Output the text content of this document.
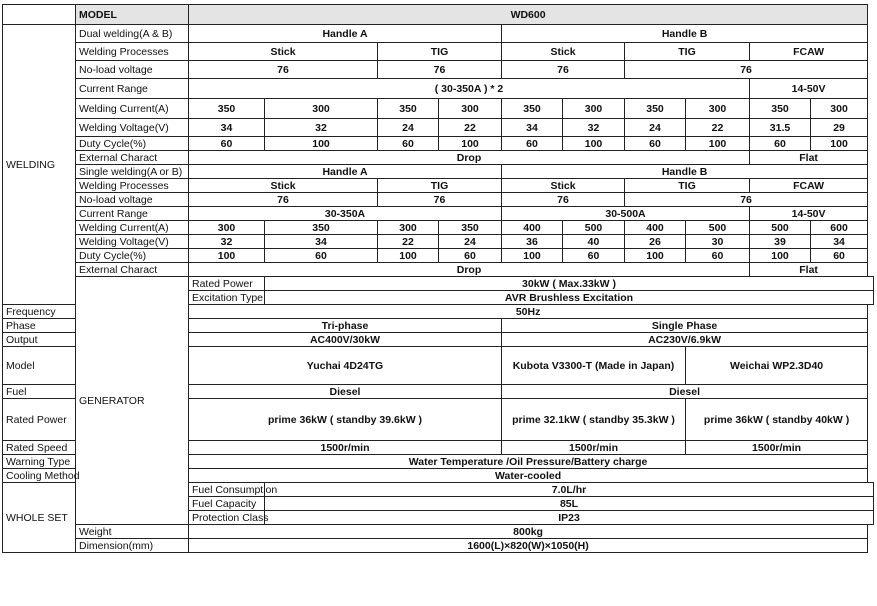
	MODEL	WD600									
WELDING	Dual welding(A & B)	Handle A				Handle B					
	Welding Processes	Stick		TIG		Stick		TIG		FCAW	
	No-load voltage	76		76		76		76			
	Current Range	( 30-350A ) * 2								14-50V	
	Welding Current(A)	350	300	350	300	350	300	350	300	350	300
	Welding Voltage(V)	34	32	24	22	34	32	24	22	31.5	29
	Duty Cycle(%)	60	100	60	100	60	100	60	100	60	100
	External Charact	Drop								Flat	
	Single welding(A or B)	Handle A				Handle B					
	Welding Processes	Stick		TIG		Stick		TIG		FCAW	
	No-load voltage	76		76		76		76			
	Current Range	30-350A				30-500A				14-50V	
	Welding Current(A)	300	350	300	350	400	500	400	500	500	600
	Welding Voltage(V)	32	34	22	24	36	40	26	30	39	34
	Duty Cycle(%)	100	60	100	60	100	60	100	60	100	60
	External Charact	Drop								Flat	
	GENERATOR	Rated Power	30kW ( Max.33kW )								
		Excitation Type	AVR Brushless Excitation								
Frequency		50Hz									
Phase		Tri-phase				Single Phase					
Output		AC400V/30kW				AC230V/6.9kW					
Model		Yuchai 4D24TG				Kubota V3300-T (Made in Japan)			Weichai WP2.3D40		
Fuel		Diesel				Diesel					
Rated Power		prime 36kW ( standby 39.6kW )				prime 32.1kW ( standby 35.3kW )			prime 36kW ( standby 40kW )		
Rated Speed		1500r/min				1500r/min			1500r/min		
Warning Type		Water Temperature /Oil Pressure/Battery charge									
Cooling Method		Water-cooled									
WHOLE SET		Fuel Consumption	7.0L/hr								
		Fuel Capacity	85L								
		Protection Class	IP23								
	Weight	800kg									
	Dimension(mm)	1600(L)×820(W)×1050(H)									
